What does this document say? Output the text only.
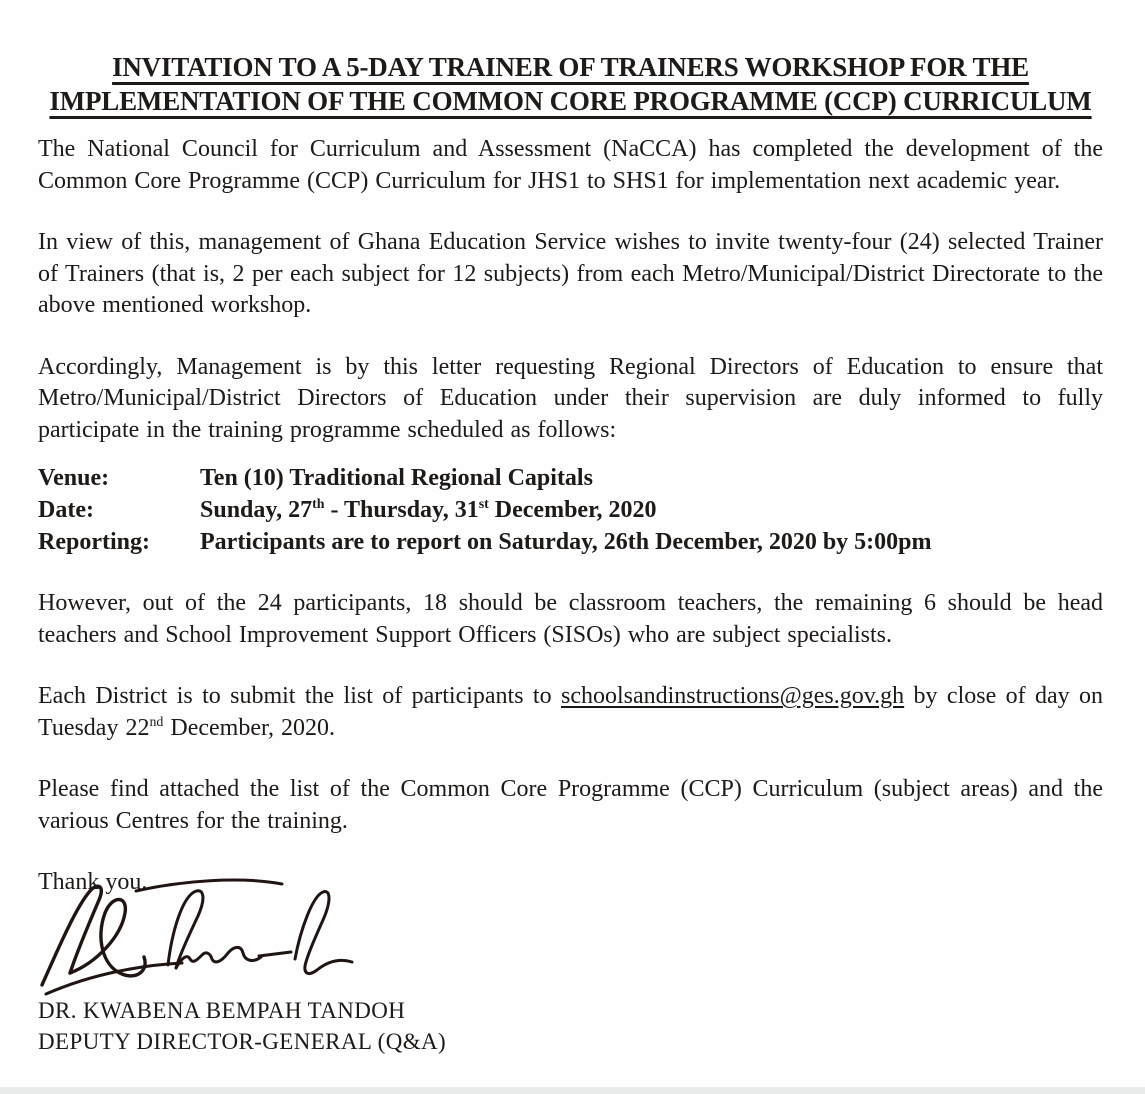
INVITATION TO A 5-DAY TRAINER OF TRAINERS WORKSHOP FOR THE
IMPLEMENTATION OF THE COMMON CORE PROGRAMME (CCP) CURRICULUM

The National Council for Curriculum and Assessment (NaCCA) has completed the development of the Common Core Programme (CCP) Curriculum for JHS1 to SHS1 for implementation next academic year.

In view of this, management of Ghana Education Service wishes to invite twenty-four (24) selected Trainer of Trainers (that is, 2 per each subject for 12 subjects) from each Metro/Municipal/District Directorate to the above mentioned workshop.

Accordingly, Management is by this letter requesting Regional Directors of Education to ensure that Metro/Municipal/District Directors of Education under their supervision are duly informed to fully participate in the training programme scheduled as follows:

Venue:	Ten (10) Traditional Regional Capitals
Date:	Sunday, 27th - Thursday, 31st December, 2020
Reporting:	Participants are to report on Saturday, 26th December, 2020 by 5:00pm

However, out of the 24 participants, 18 should be classroom teachers, the remaining 6 should be head teachers and School Improvement Support Officers (SISOs) who are subject specialists.

Each District is to submit the list of participants to schoolsandinstructions@ges.gov.gh by close of day on Tuesday 22nd December, 2020.

Please find attached the list of the Common Core Programme (CCP) Curriculum (subject areas) and the various Centres for the training.

Thank you.

DR. KWABENA BEMPAH TANDOH

DEPUTY DIRECTOR-GENERAL (Q&A)
